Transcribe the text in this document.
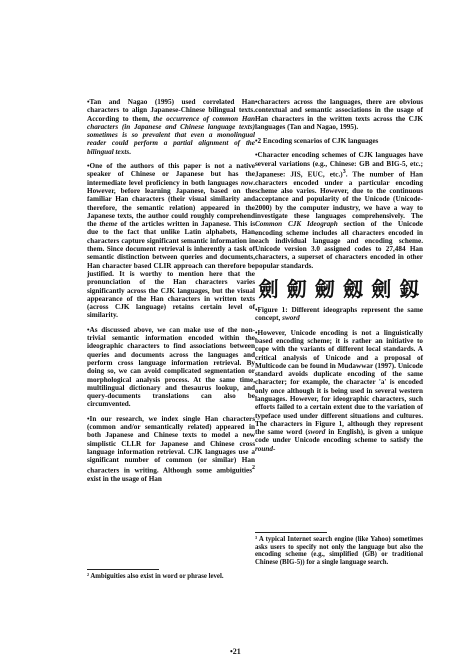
•Tan and Nagao (1995) used correlated Han characters to align Japanese-Chinese bilingual texts. According to them, the occurrence of common Han characters (in Japanese and Chinese language texts) sometimes is so prevalent that even a monolingual reader could perform a partial alignment of the bilingual texts.

•One of the authors of this paper is not a native speaker of Chinese or Japanese but has the intermediate level proficiency in both languages now. However, before learning Japanese, based on the familiar Han characters (their visual similarity and therefore, the semantic relation) appeared in the Japanese texts, the author could roughly comprehend the theme of the articles written in Japanese. This is due to the fact that unlike Latin alphabets, Han characters capture significant semantic information in them. Since document retrieval is inherently a task of semantic distinction between queries and documents, Han character based CLIR approach can therefore be justified. It is worthy to mention here that the pronunciation of the Han characters varies significantly across the CJK languages, but the visual appearance of the Han characters in written texts (across CJK language) retains certain level of similarity.

•As discussed above, we can make use of the non-trivial semantic information encoded within the ideographic characters to find associations between queries and documents across the languages and perform cross language information retrieval. By doing so, we can avoid complicated segmentation or morphological analysis process. At the same time, multilingual dictionary and thesaurus lookup, and query-documents translations can also be circumvented.

•In our research, we index single Han characters (common and/or semantically related) appeared in both Japanese and Chinese texts to model a new simplistic CLLR for Japanese and Chinese cross language information retrieval. CJK languages use a significant number of common (or similar) Han characters in writing. Although some ambiguities$^2$ exist in the usage of Han

² Ambiguities also exist in word or phrase level.

•characters across the languages, there are obvious contextual and semantic associations in the usage of Han characters in the written texts across the CJK languages (Tan and Nagao, 1995).

•2 Encoding scenarios of CJK languages

•Character encoding schemes of CJK languages have several variations (e.g., Chinese: GB and BIG-5, etc.; Japanese: JIS, EUC, etc.)$^3$. The number of Han characters encoded under a particular encoding scheme also varies. However, due to the continuous acceptance and popularity of the Unicode (Unicode-2000) by the computer industry, we have a way to investigate these languages comprehensively. The Common CJK Ideograph section of the Unicode encoding scheme includes all characters encoded in each individual language and encoding scheme. Unicode version 3.0 assigned codes to 27,484 Han characters, a superset of characters encoded in other popular standards.

劍 劎 劒 劔 劍 釼

•Figure 1: Different ideographs represent the same concept, sword

•However, Unicode encoding is not a linguistically based encoding scheme; it is rather an initiative to cope with the variants of different local standards. A critical analysis of Unicode and a proposal of Multicode can be found in Mudawwar (1997). Unicode standard avoids duplicate encoding of the same character; for example, the character 'a' is encoded only once although it is being used in several western languages. However, for ideographic characters, such efforts failed to a certain extent due to the variation of typeface used under different situations and cultures. The characters in Figure 1, although they represent the same word (sword in English), is given a unique code under Unicode encoding scheme to satisfy the round-

³ A typical Internet search engine (like Yahoo) sometimes asks users to specify not only the language but also the encoding scheme (e.g., simplified (GB) or traditional Chinese (BIG-5)) for a single language search.
•21
